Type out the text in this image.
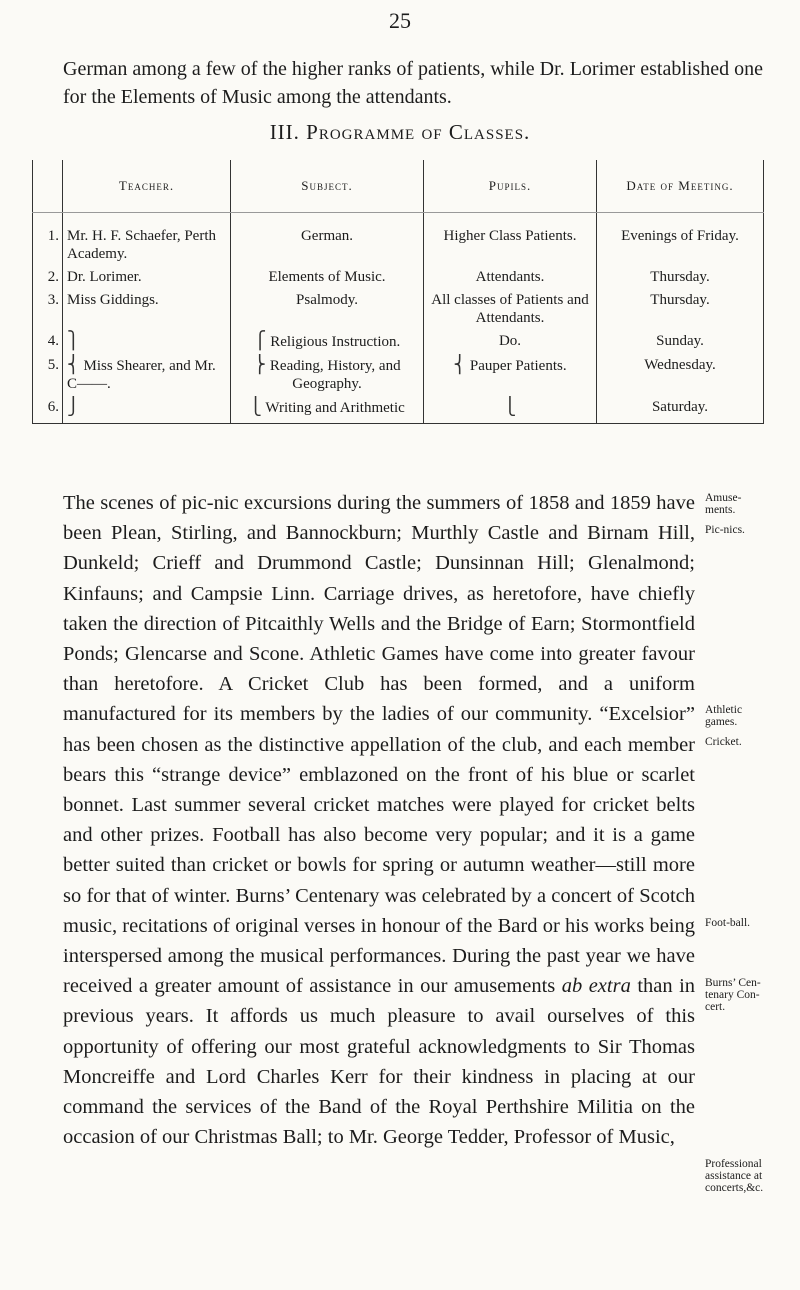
25
German among a few of the higher ranks of patients, while Dr. Lorimer established one for the Elements of Music among the attendants.
III. Programme of Classes.
	Teacher.	Subject.	Pupils.	Date of Meeting.
1.	Mr. H. F. Schaefer, Perth Academy.	German.	Higher Class Patients.	Evenings of Friday.
2.	Dr. Lorimer.	Elements of Music.	Attendants.	Thursday.
3.	Miss Giddings.	Psalmody.	All classes of Patients and Attendants.	Thursday.
4.	⎫	⎧ Religious Instruction.	Do.	Sunday.
5.	⎨ Miss Shearer, and Mr. C——.	⎬ Reading, History, and Geography.	⎨ Pauper Patients.	Wednesday.
6.	⎭	⎩ Writing and Arithmetic	⎩	Saturday.

The scenes of pic-nic excursions during the summers of 1858 and 1859 have been Plean, Stirling, and Bannockburn; Murthly Castle and Birnam Hill, Dunkeld; Crieff and Drummond Castle; Dunsinnan Hill; Glenalmond; Kinfauns; and Campsie Linn. Carriage drives, as heretofore, have chiefly taken the direction of Pitcaithly Wells and the Bridge of Earn; Stormontfield Ponds; Glencarse and Scone. Athletic Games have come into greater favour than heretofore. A Cricket Club has been formed, and a uniform manufactured for its members by the ladies of our community. “Excelsior” has been chosen as the distinctive appellation of the club, and each member bears this “strange device” emblazoned on the front of his blue or scarlet bonnet. Last summer several cricket matches were played for cricket belts and other prizes. Football has also become very popular; and it is a game better suited than cricket or bowls for spring or autumn weather—still more so for that of winter. Burns’ Centenary was celebrated by a concert of Scotch music, recitations of original verses in honour of the Bard or his works being interspersed among the musical performances. During the past year we have received a greater amount of assistance in our amusements ab extra than in previous years. It affords us much pleasure to avail ourselves of this opportunity of offering our most grateful acknowledgments to Sir Thomas Moncreiffe and Lord Charles Kerr for their kindness in placing at our command the services of the Band of the Royal Perthshire Militia on the occasion of our Christmas Ball; to Mr. George Tedder, Professor of Music,

Amuse-
ments.
Pic-nics.
Athletic
games.
Cricket.
Foot-ball.
Burns’ Cen-
tenary Con-
cert.
Professional
assistance at
concerts,&c.
